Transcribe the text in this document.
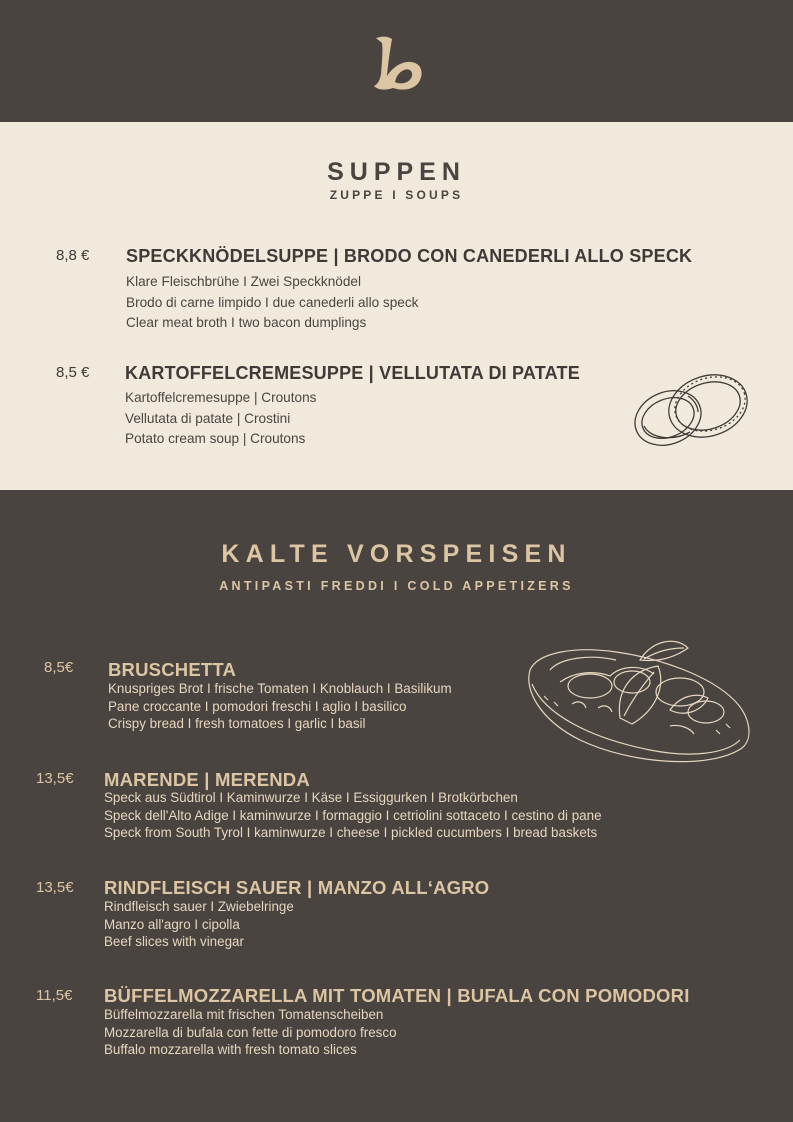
SUPPEN
ZUPPE I SOUPS
8,8 € SPECKKNÖDELSUPPE | BRODO CON CANEDERLI ALLO SPECK
Klare Fleischbrühe I Zwei Speckknödel
Brodo di carne limpido I due canederli allo speck
Clear meat broth I two bacon dumplings
8,5 € KARTOFFELCREMESUPPE | VELLUTATA DI PATATE
Kartoffelcremesuppe | Croutons
Vellutata di patate | Crostini
Potato cream soup | Croutons
KALTE VORSPEISEN
ANTIPASTI FREDDI I COLD APPETIZERS
8,5€ BRUSCHETTA
Knuspriges Brot I frische Tomaten I Knoblauch I Basilikum
Pane croccante I pomodori freschi I aglio I basilico
Crispy bread I fresh tomatoes I garlic I basil
13,5€ MARENDE | MERENDA
Speck aus Südtirol I Kaminwurze I Käse I Essiggurken I Brotkörbchen
Speck dell'Alto Adige I kaminwurze I formaggio I cetriolini sottaceto I cestino di pane
Speck from South Tyrol I kaminwurze I cheese I pickled cucumbers I bread baskets
13,5€ RINDFLEISCH SAUER | MANZO ALL‘AGRO
Rindfleisch sauer I Zwiebelringe
Manzo all'agro I cipolla
Beef slices with vinegar
11,5€ BÜFFELMOZZARELLA MIT TOMATEN | BUFALA CON POMODORI
Büffelmozzarella mit frischen Tomatenscheiben
Mozzarella di bufala con fette di pomodoro fresco
Buffalo mozzarella with fresh tomato slices
